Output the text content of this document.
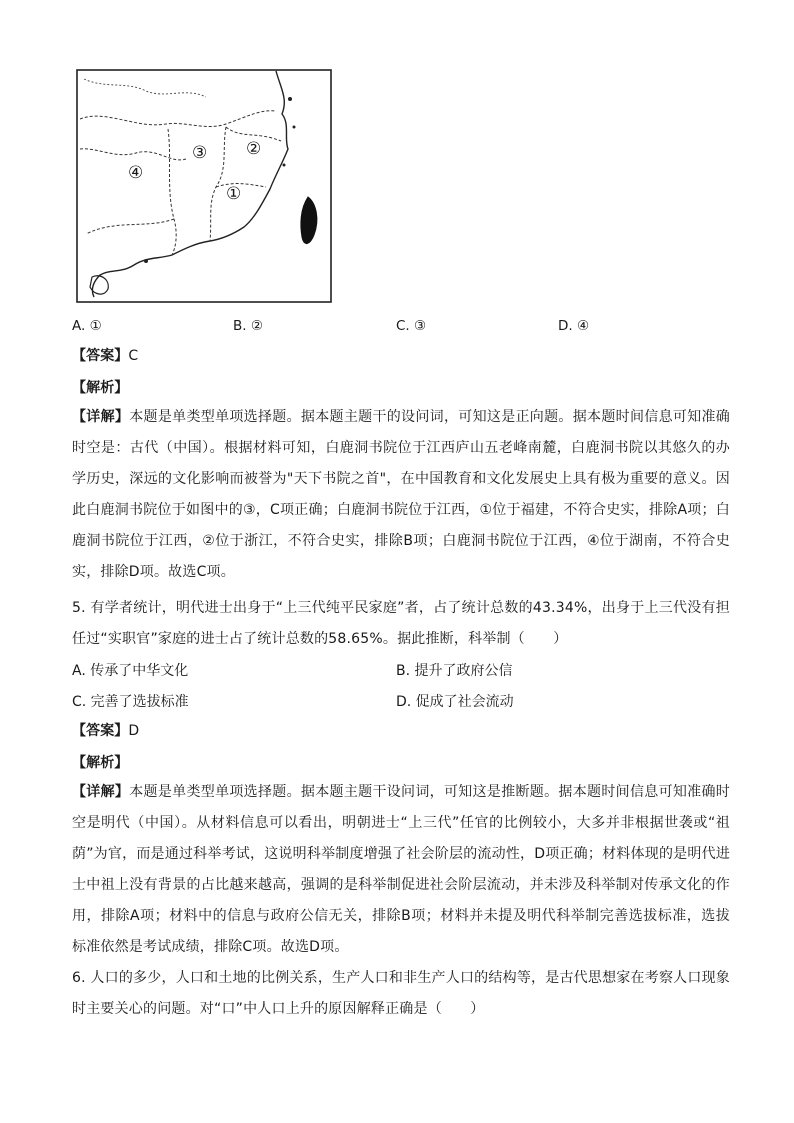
④
③ ②
①
A. ①	B. ②	C. ③	D. ④
【答案】C
【解析】
【详解】本题是单类型单项选择题。据本题主题干的设问词，可知这是正向题。据本题时间信息可知准确时空是：古代（中国）。根据材料可知，白鹿洞书院位于江西庐山五老峰南麓，白鹿洞书院以其悠久的办学历史，深远的文化影响而被誉为"天下书院之首"，在中国教育和文化发展史上具有极为重要的意义。因此白鹿洞书院位于如图中的③，C项正确；白鹿洞书院位于江西，①位于福建，不符合史实，排除A项；白鹿洞书院位于江西，②位于浙江，不符合史实，排除B项；白鹿洞书院位于江西，④位于湖南，不符合史实，排除D项。故选C项。
5. 有学者统计，明代进士出身于“上三代纯平民家庭”者，占了统计总数的43.34%，出身于上三代没有担任过“实职官”家庭的进士占了统计总数的58.65%。据此推断，科举制（　　）
A. 传承了中华文化	B. 提升了政府公信
C. 完善了选拔标准	D. 促成了社会流动
【答案】D
【解析】
【详解】本题是单类型单项选择题。据本题主题干设问词，可知这是推断题。据本题时间信息可知准确时空是明代（中国）。从材料信息可以看出，明朝进士“上三代”任官的比例较小，大多并非根据世袭或“祖荫”为官，而是通过科举考试，这说明科举制度增强了社会阶层的流动性，D项正确；材料体现的是明代进士中祖上没有背景的占比越来越高，强调的是科举制促进社会阶层流动，并未涉及科举制对传承文化的作用，排除A项；材料中的信息与政府公信无关，排除B项；材料并未提及明代科举制完善选拔标准，选拔标准依然是考试成绩，排除C项。故选D项。
6. 人口的多少，人口和土地的比例关系，生产人口和非生产人口的结构等，是古代思想家在考察人口现象时主要关心的问题。对“口”中人口上升的原因解释正确是（　　）
